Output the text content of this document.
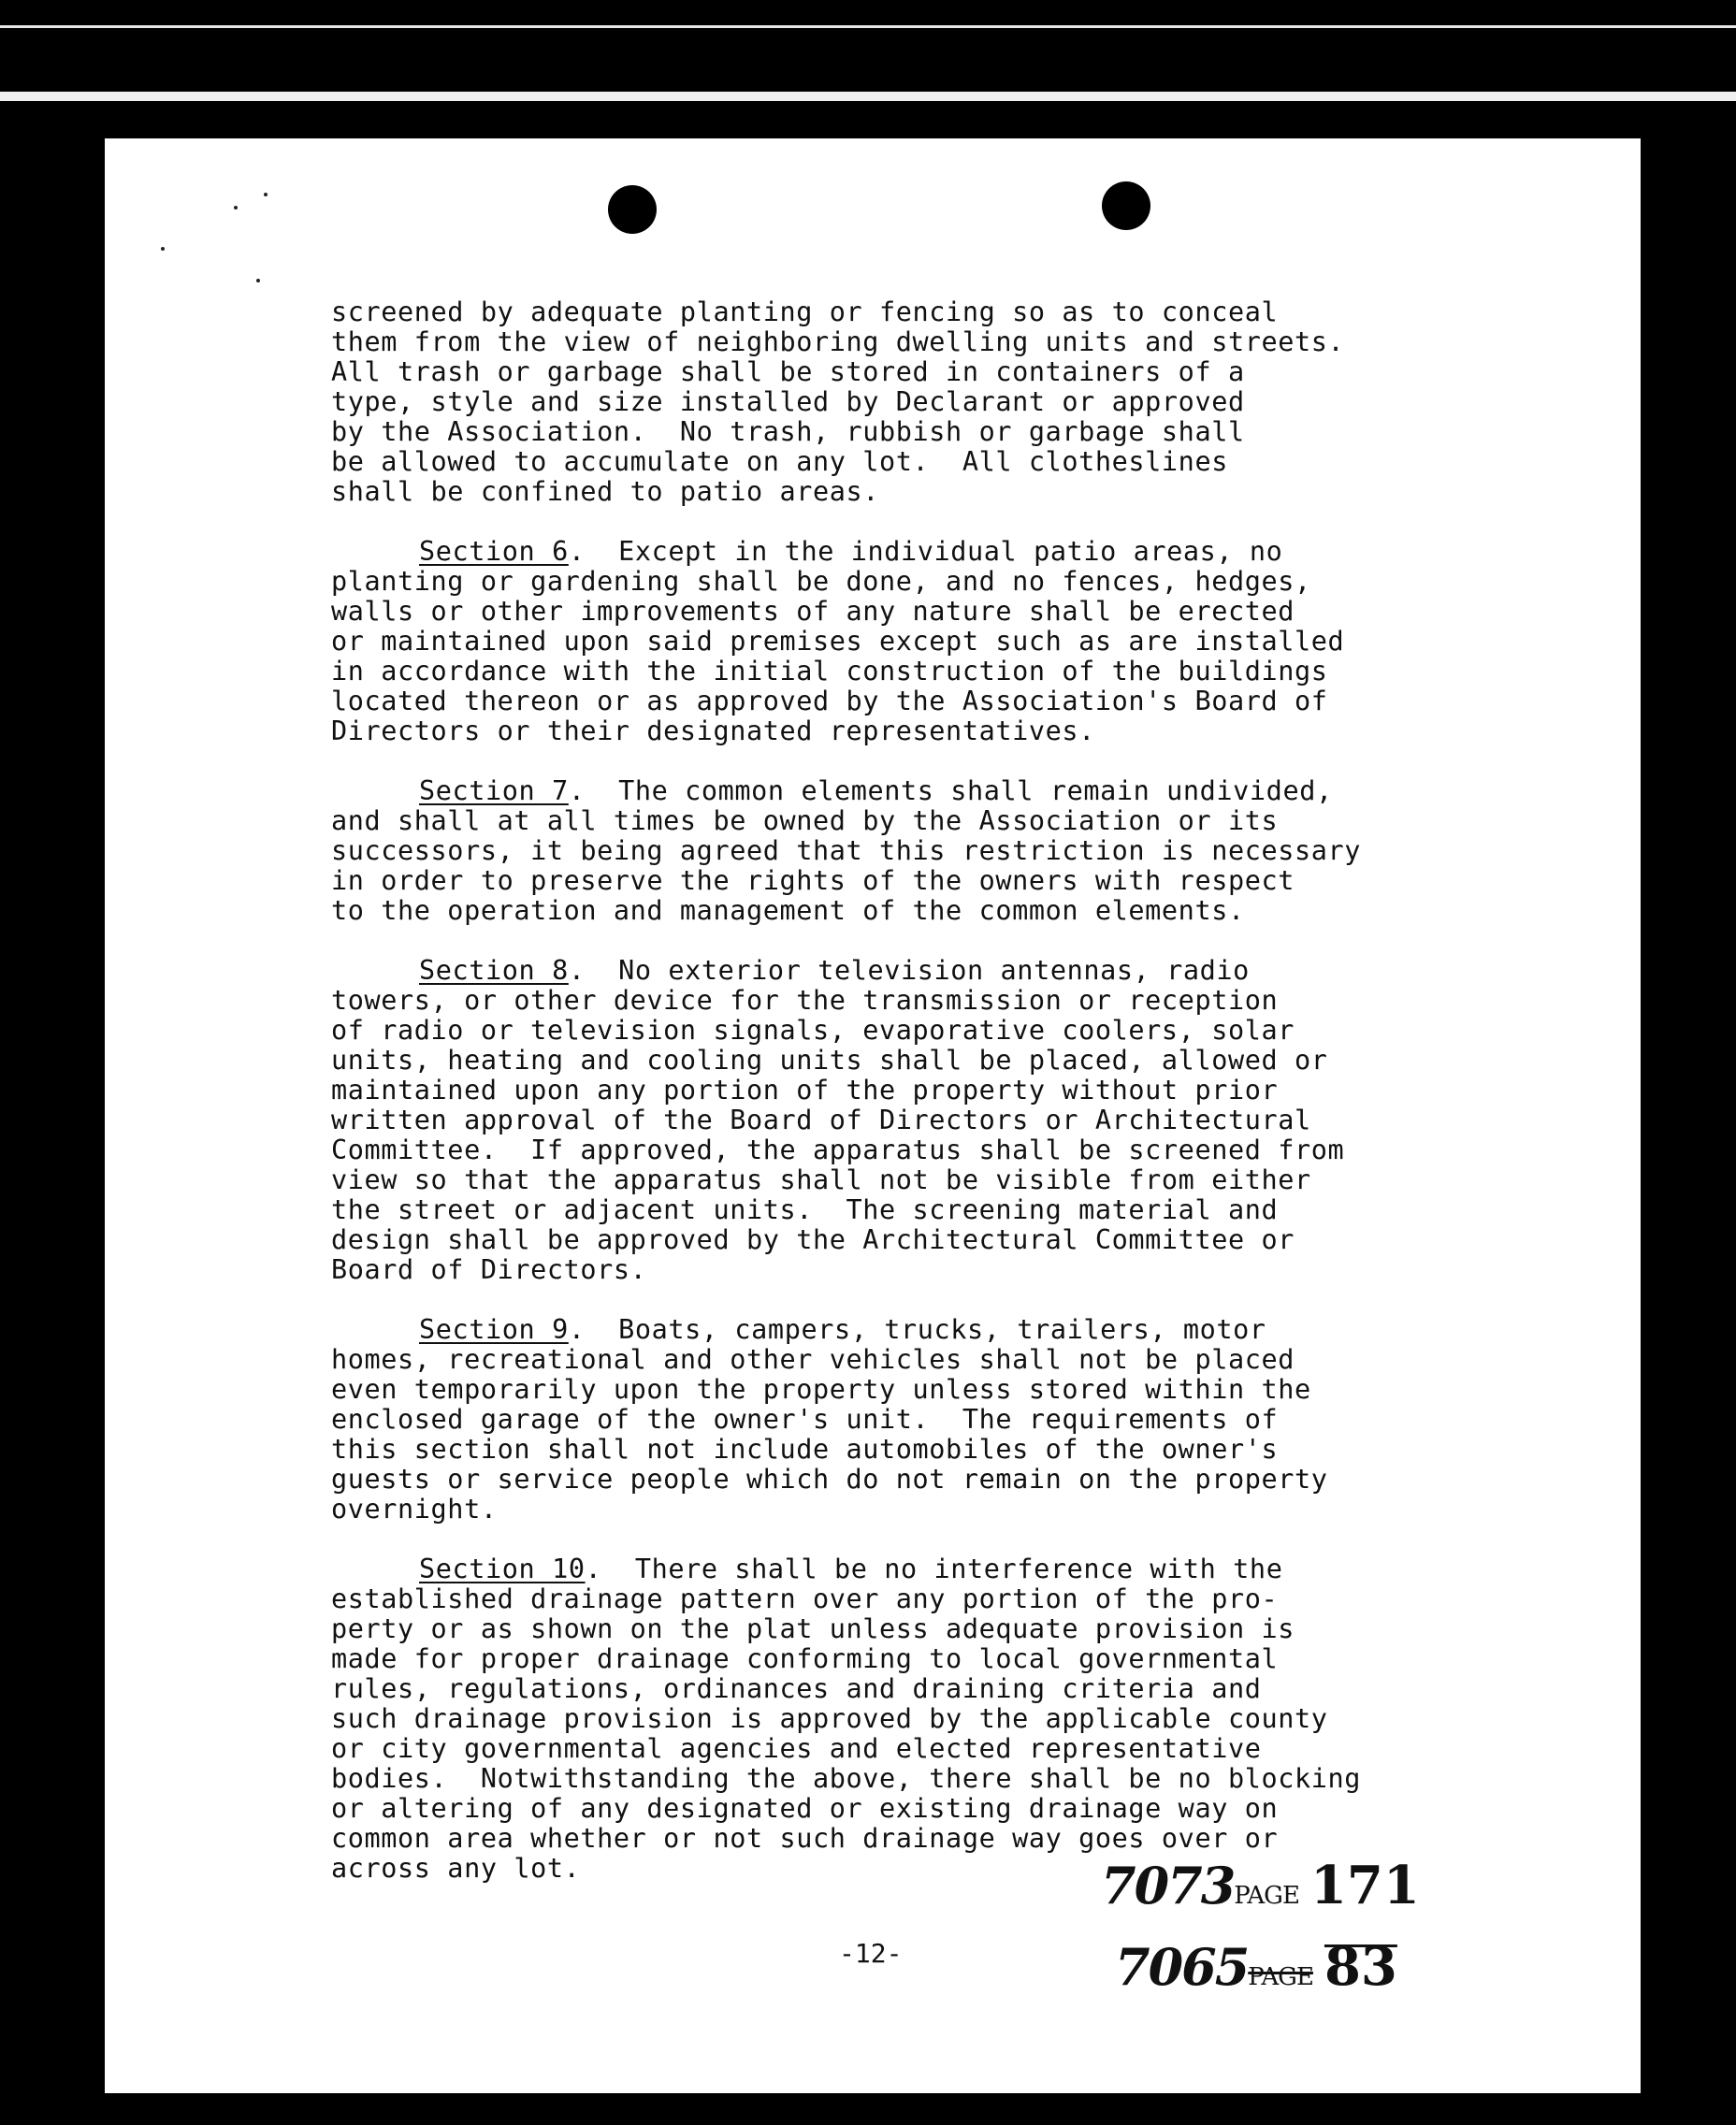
screened by adequate planting or fencing so as to conceal

them from the view of neighboring dwelling units and streets.

All trash or garbage shall be stored in containers of a

type, style and size installed by Declarant or approved

by the Association.  No trash, rubbish or garbage shall

be allowed to accumulate on any lot.  All clotheslines

shall be confined to patio areas.

Section 6.  Except in the individual patio areas, no

planting or gardening shall be done, and no fences, hedges,

walls or other improvements of any nature shall be erected

or maintained upon said premises except such as are installed

in accordance with the initial construction of the buildings

located thereon or as approved by the Association's Board of

Directors or their designated representatives.

Section 7.  The common elements shall remain undivided,

and shall at all times be owned by the Association or its

successors, it being agreed that this restriction is necessary

in order to preserve the rights of the owners with respect

to the operation and management of the common elements.

Section 8.  No exterior television antennas, radio

towers, or other device for the transmission or reception

of radio or television signals, evaporative coolers, solar

units, heating and cooling units shall be placed, allowed or

maintained upon any portion of the property without prior

written approval of the Board of Directors or Architectural

Committee.  If approved, the apparatus shall be screened from

view so that the apparatus shall not be visible from either

the street or adjacent units.  The screening material and

design shall be approved by the Architectural Committee or

Board of Directors.

Section 9.  Boats, campers, trucks, trailers, motor

homes, recreational and other vehicles shall not be placed

even temporarily upon the property unless stored within the

enclosed garage of the owner's unit.  The requirements of

this section shall not include automobiles of the owner's

guests or service people which do not remain on the property

overnight.

Section 10.  There shall be no interference with the

established drainage pattern over any portion of the pro-

perty or as shown on the plat unless adequate provision is

made for proper drainage conforming to local governmental

rules, regulations, ordinances and draining criteria and

such drainage provision is approved by the applicable county

or city governmental agencies and elected representative

bodies.  Notwithstanding the above, there shall be no blocking

or altering of any designated or existing drainage way on

common area whether or not such drainage way goes over or

across any lot.

-12-
7073PAGE 171
7065PAGE 83
